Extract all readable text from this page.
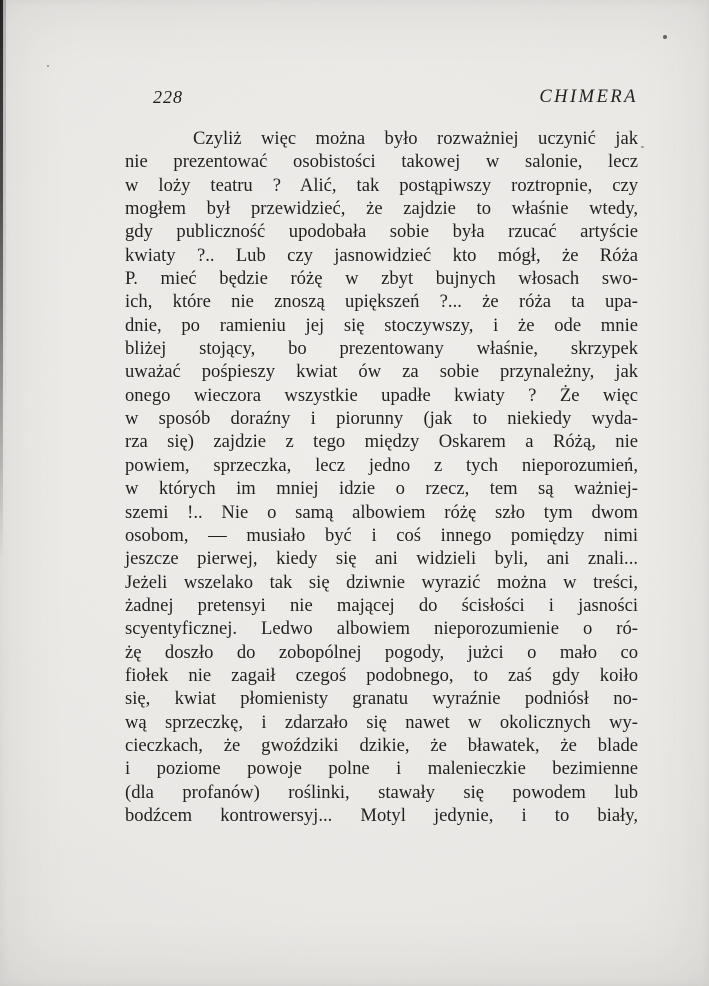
228	CHIMERA
Czyliż więc można było rozważniej uczynić jak
nie prezentować osobistości takowej w salonie, lecz
w loży teatru ? Alić, tak postąpiwszy roztropnie, czy
mogłem był przewidzieć, że zajdzie to właśnie wtedy,
gdy publiczność upodobała sobie była rzucać artyście
kwiaty ?.. Lub czy jasnowidzieć kto mógł, że Róża
P. mieć będzie różę w zbyt bujnych włosach swo-
ich, które nie znoszą upiększeń ?... że róża ta upa-
dnie, po ramieniu jej się stoczywszy, i że ode mnie
bliżej stojący, bo prezentowany właśnie, skrzypek
uważać pośpieszy kwiat ów za sobie przynależny, jak
onego wieczora wszystkie upadłe kwiaty ? Że więc
w sposób doraźny i piorunny (jak to niekiedy wyda-
rza się) zajdzie z tego między Oskarem a Różą, nie
powiem, sprzeczka, lecz jedno z tych nieporozumień,
w których im mniej idzie o rzecz, tem są ważniej-
szemi !.. Nie o samą albowiem różę szło tym dwom
osobom, — musiało być i coś innego pomiędzy nimi
jeszcze pierwej, kiedy się ani widzieli byli, ani znali...
Jeżeli wszelako tak się dziwnie wyrazić można w treści,
żadnej pretensyi nie mającej do ścisłości i jasności
scyentyficznej. Ledwo albowiem nieporozumienie o ró-
żę doszło do zobopólnej pogody, jużci o mało co
fiołek nie zagaił czegoś podobnego, to zaś gdy koiło
się, kwiat płomienisty granatu wyraźnie podniósł no-
wą sprzeczkę, i zdarzało się nawet w okolicznych wy-
cieczkach, że gwoździki dzikie, że bławatek, że blade
i poziome powoje polne i malenieczkie bezimienne
(dla profanów) roślinki, stawały się powodem lub
bodźcem kontrowersyj... Motyl jedynie, i to biały,
